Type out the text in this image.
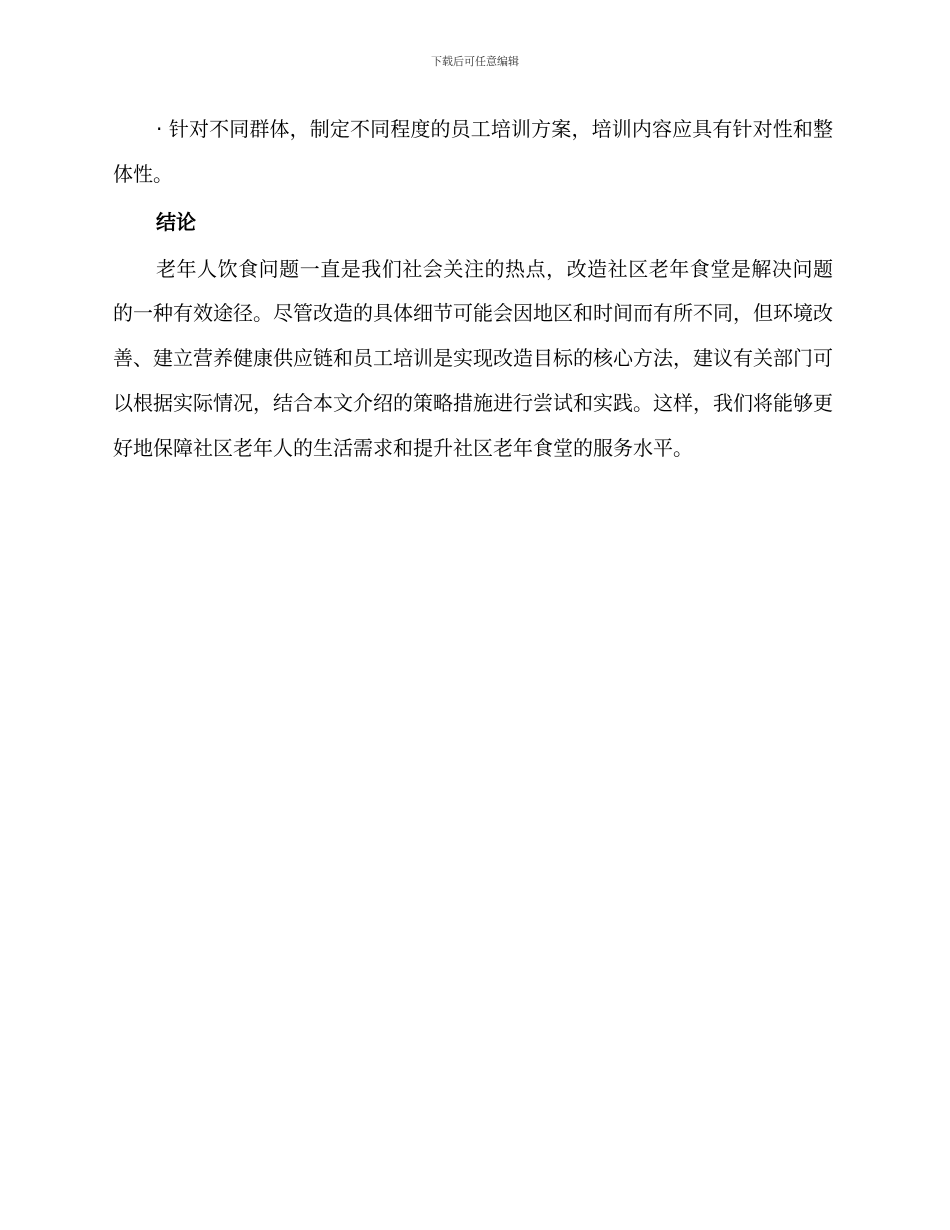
下载后可任意编辑

· 针对不同群体，制定不同程度的员工培训方案，培训内容应具有针对性和整体性。

结论

老年人饮食问题一直是我们社会关注的热点，改造社区老年食堂是解决问题的一种有效途径。尽管改造的具体细节可能会因地区和时间而有所不同，但环境改善、建立营养健康供应链和员工培训是实现改造目标的核心方法，建议有关部门可以根据实际情况，结合本文介绍的策略措施进行尝试和实践。这样，我们将能够更好地保障社区老年人的生活需求和提升社区老年食堂的服务水平。
